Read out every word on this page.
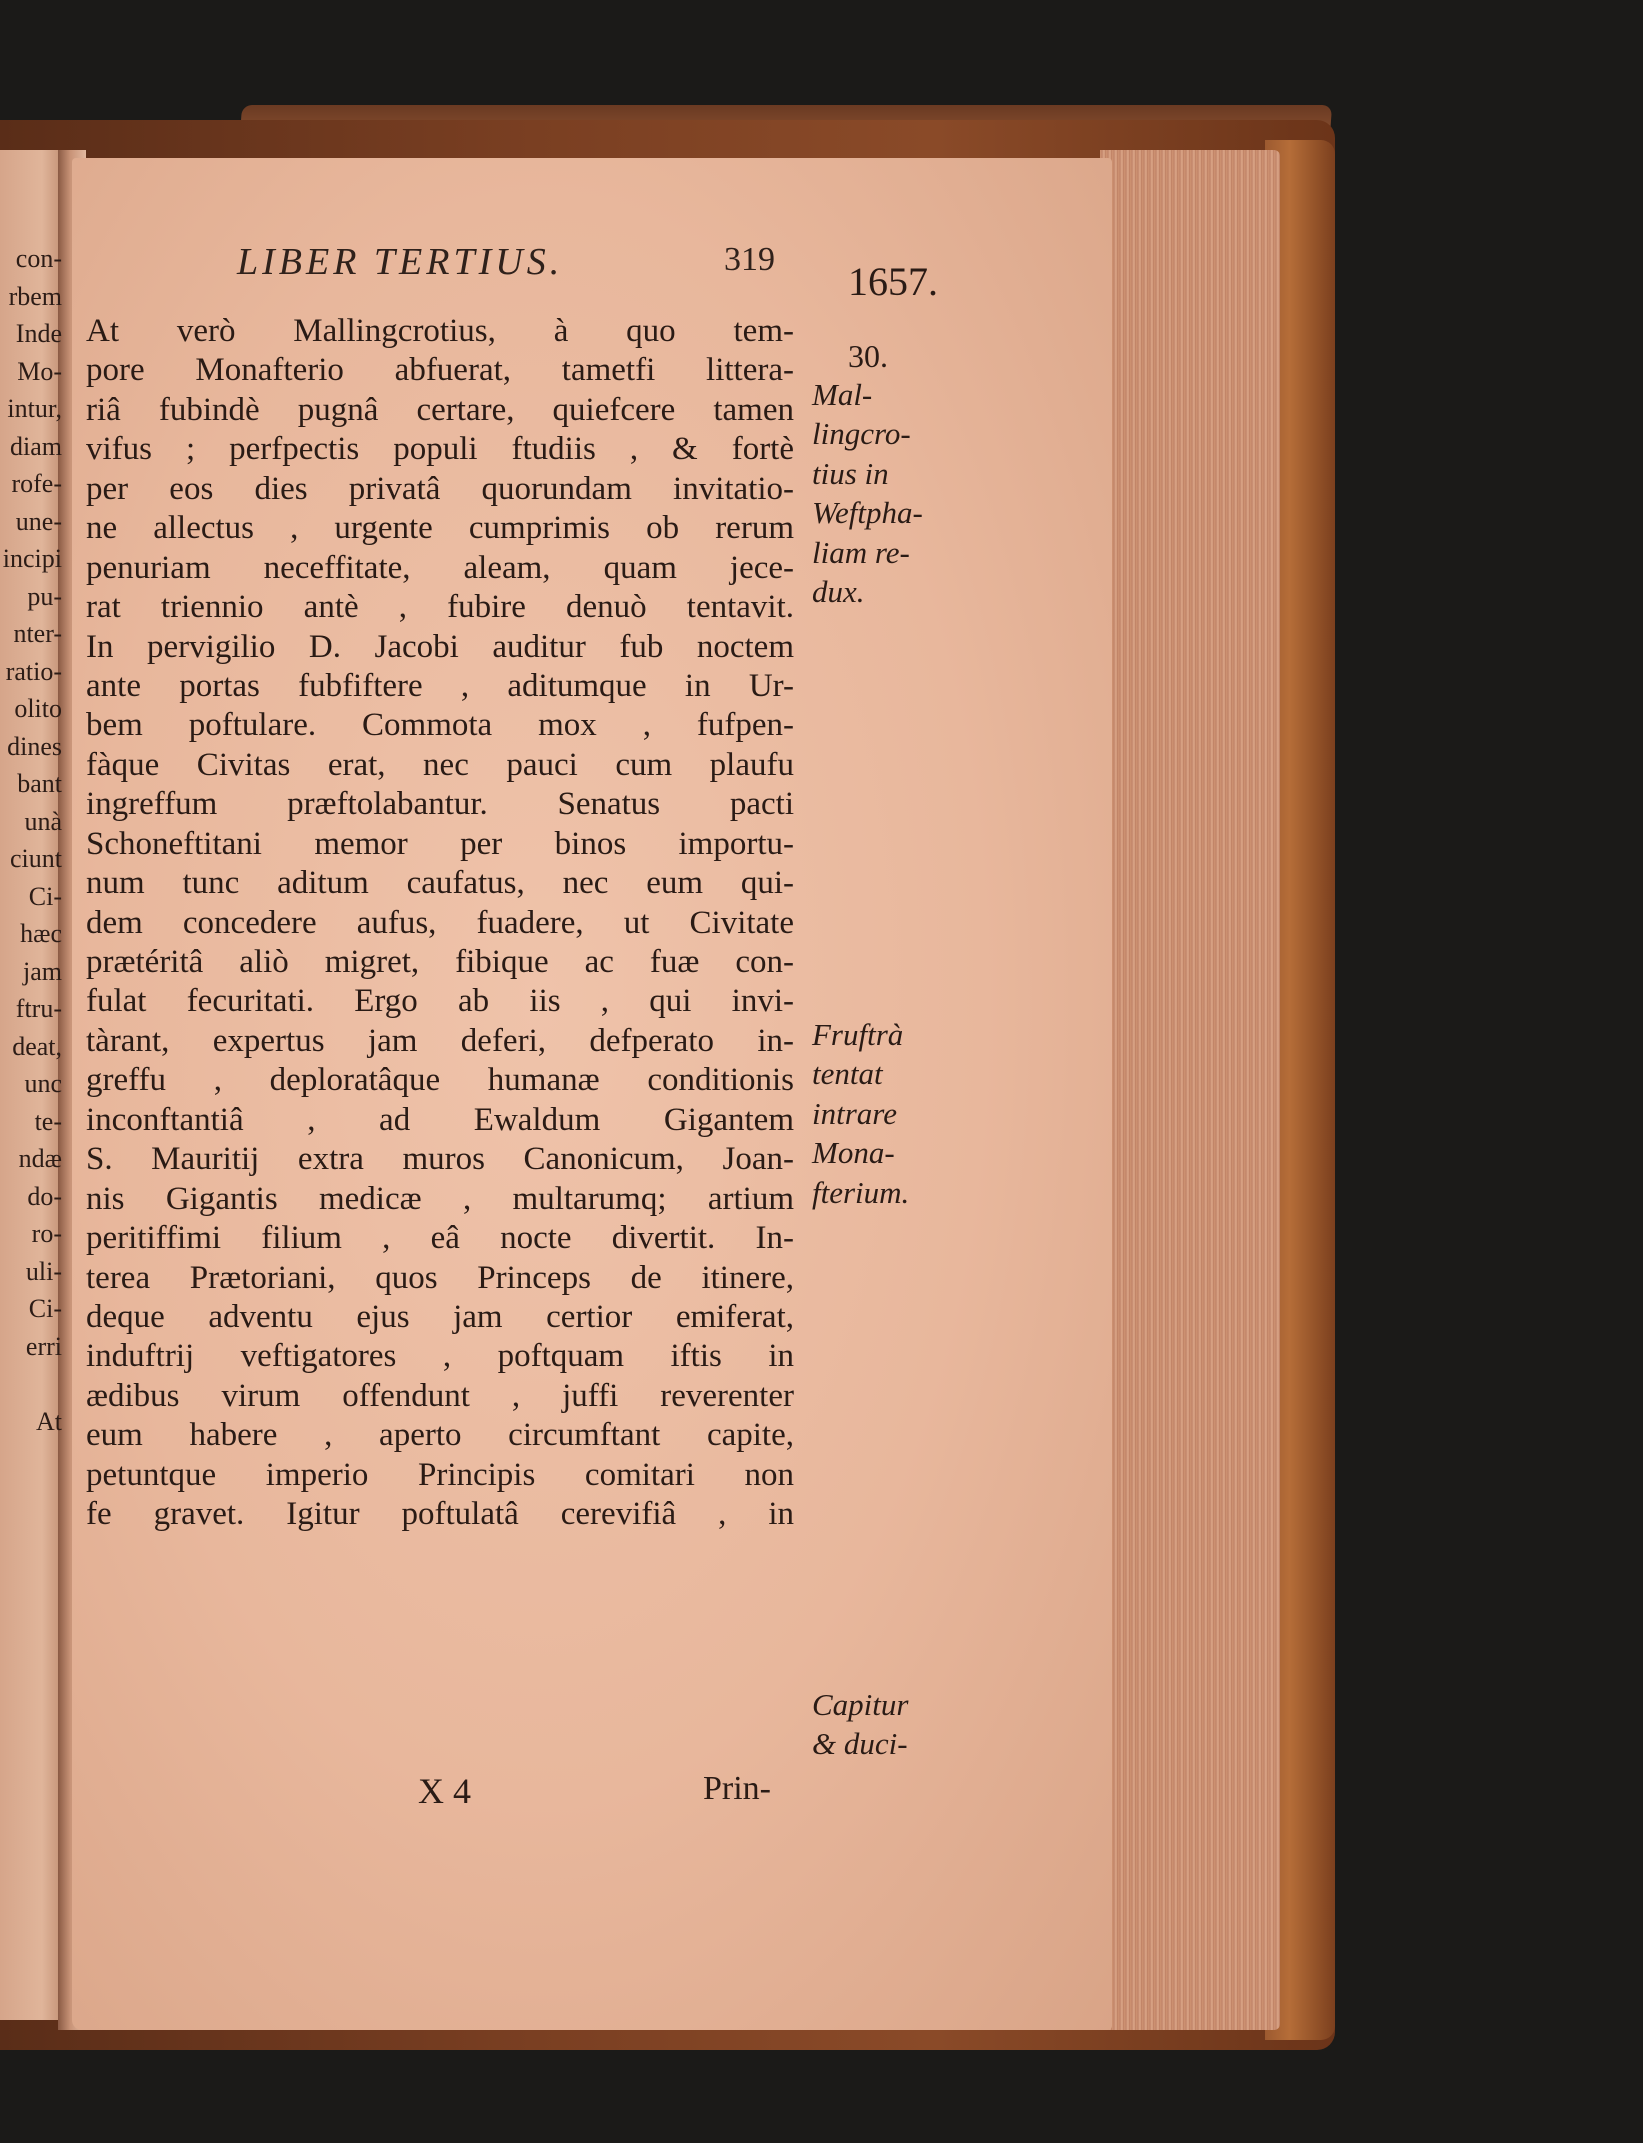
con-
rbem
Inde
Mo-
intur,
diam
rofe-
une-
incipi
pu-
nter-
ratio-
olito
dines
bant
unà
ciunt
Ci-
hæc
jam
ftru-
deat,
unc
te-
ndæ
do-
ro-
uli-
Ci-
erri
At
LIBER TERTIUS.	319 1657.
30.
At verò Mallingcrotius, à quo tem-
pore Monafterio abfuerat, tametfi littera-
riâ fubindè pugnâ certare, quiefcere tamen
vifus ; perfpectis populi ftudiis , & fortè
per eos dies privatâ quorundam invitatio-
ne allectus , urgente cumprimis ob rerum
penuriam neceffitate, aleam, quam jece-
rat triennio antè , fubire denuò tentavit.
In pervigilio D. Jacobi auditur fub noctem
ante portas fubfiftere , aditumque in Ur-
bem poftulare. Commota mox , fufpen-
fàque Civitas erat, nec pauci cum plaufu
ingreffum præftolabantur. Senatus pacti
Schoneftitani memor per binos importu-
num tunc aditum caufatus, nec eum qui-
dem concedere aufus, fuadere, ut Civitate
prætéritâ aliò migret, fibique ac fuæ con-
fulat fecuritati. Ergo ab iis , qui invi-
tàrant, expertus jam deferi, defperato in-
greffu , deploratâque humanæ conditionis
inconftantiâ , ad Ewaldum Gigantem
S. Mauritij extra muros Canonicum, Joan-
nis Gigantis medicæ , multarumq; artium
peritiffimi filium , eâ nocte divertit. In-
terea Prætoriani, quos Princeps de itinere,
deque adventu ejus jam certior emiferat,
induftrij veftigatores , poftquam iftis in
ædibus virum offendunt , juffi reverenter
eum habere , aperto circumftant capite,
petuntque imperio Principis comitari non
fe gravet. Igitur poftulatâ cerevifiâ , in
Mal-
lingcro-
tius in
Weftpha-
liam re-
dux.
Fruftrà
tentat
intrare
Mona-
fterium.
Capitur
& duci-
X 4	Prin-
